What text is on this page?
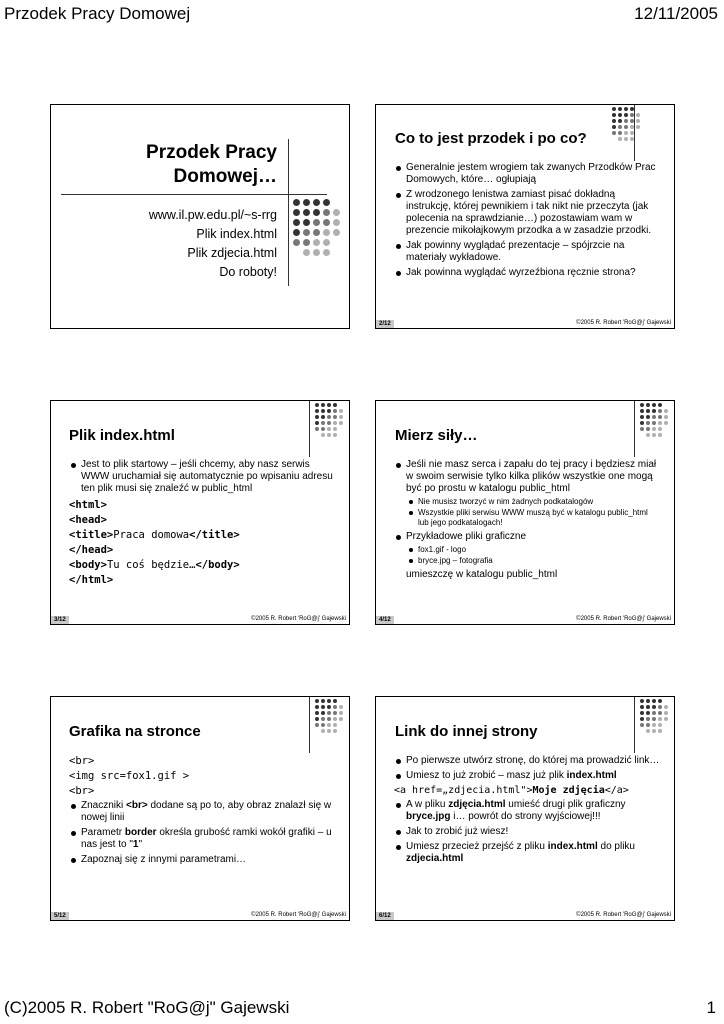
Przodek Pracy Domowej	12/11/2005
(C)2005 R. Robert "RoG@j" Gajewski	1
Przodek Pracy
Domowej…
www.il.pw.edu.pl/~s-rrg
Plik index.html
Plik zdjecia.html
Do roboty!
Co to jest przodek i po co?
Generalnie jestem wrogiem tak zwanych Przodków Prac Domowych, które… ogłupiają
Z wrodzonego lenistwa zamiast pisać dokładną instrukcję, której pewnikiem i tak nikt nie przeczyta (jak polecenia na sprawdzianie…) pozostawiam wam w prezencie mikołajkowym przodka a w zasadzie przodki.
Jak powinny wyglądać prezentacje – spójrzcie na materiały wykładowe.
Jak powinna wyglądać wyrzeźbiona ręcznie strona?
2/12	©2005 R. Robert 'RoG@j' Gajewski
Plik index.html
Jest to plik startowy – jeśli chcemy, aby nasz serwis WWW uruchamiał się automatycznie po wpisaniu adresu ten plik musi się znaleźć w public_html
<html>
<head>
<title>Praca domowa</title>
</head>
<body>Tu coś będzie…</body>
</html>
3/12	©2005 R. Robert 'RoG@j' Gajewski
Mierz siły…
Jeśli nie masz serca i zapału do tej pracy i będziesz miał w swoim serwisie tylko kilka plików wszystkie one mogą być po prostu w katalogu public_html
Nie musisz tworzyć w nim żadnych podkatalogów
Wszystkie pliki serwisu WWW muszą być w katalogu public_html lub jego podkatalogach!
Przykładowe pliki graficzne
fox1.gif - logo
bryce.jpg – fotografia
umieszczę w katalogu public_html
4/12	©2005 R. Robert 'RoG@j' Gajewski
Grafika na stronce
<br>
<img src=fox1.gif >
<br>
Znaczniki <br> dodane są po to, aby obraz znalazł się w nowej linii
Parametr border określa grubość ramki wokół grafiki – u nas jest to "1"
Zapoznaj się z innymi parametrami…
5/12	©2005 R. Robert 'RoG@j' Gajewski
Link do innej strony
Po pierwsze utwórz stronę, do której ma prowadzić link…
Umiesz to już zrobić – masz już plik index.html
<a href=„zdjecia.html">Moje zdjęcia</a>
A w pliku zdjęcia.html umieść drugi plik graficzny bryce.jpg i… powrót do strony wyjściowej!!!
Jak to zrobić już wiesz!
Umiesz przecież przejść z pliku index.html do pliku zdjecia.html
6/12	©2005 R. Robert 'RoG@j' Gajewski
